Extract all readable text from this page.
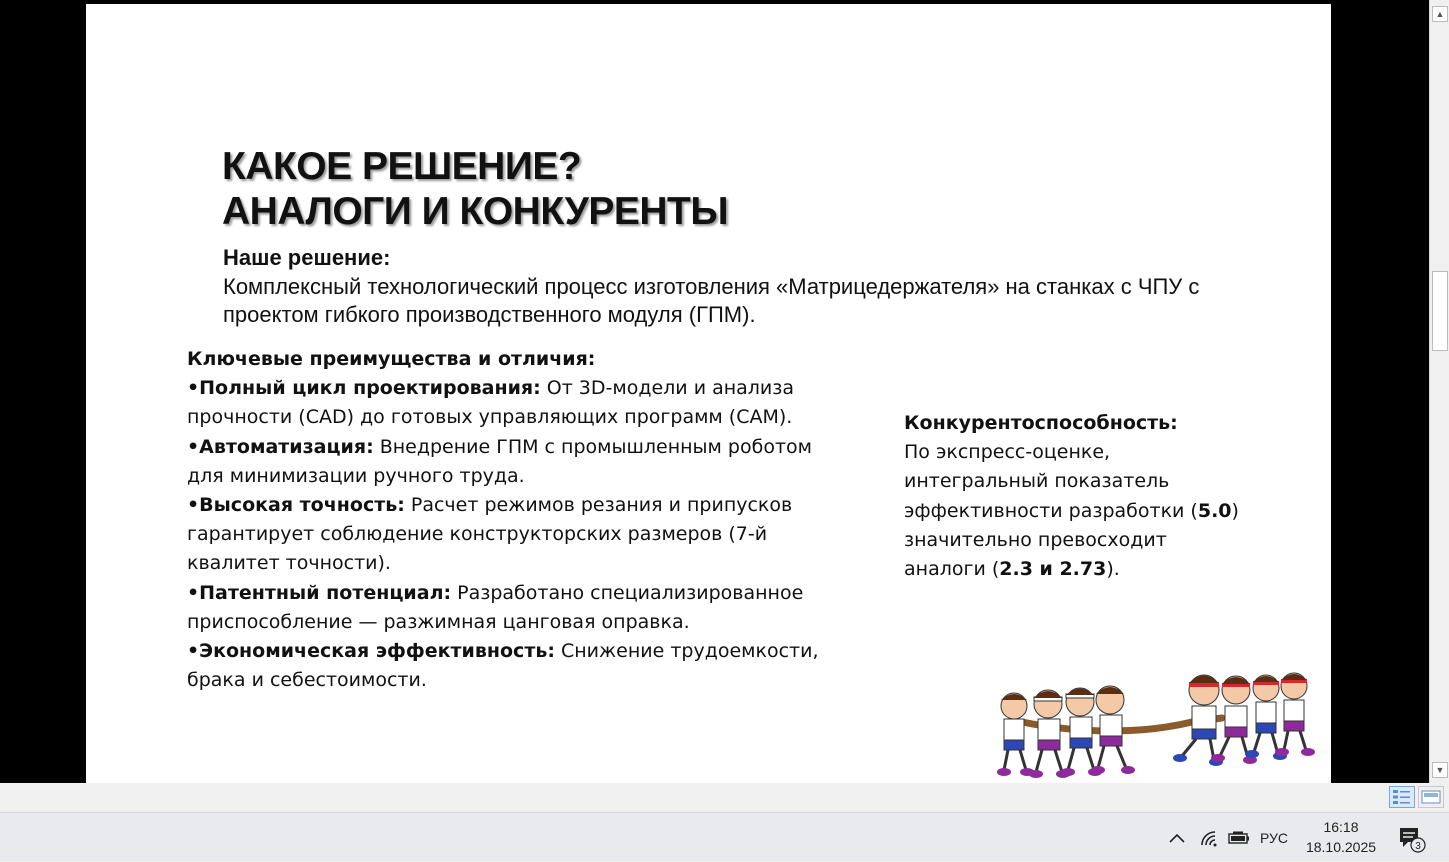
КАКОЕ РЕШЕНИЕ?
АНАЛОГИ И КОНКУРЕНТЫ
Наше решение:
Комплексный технологический процесс изготовления «Матрицедержателя» на станках с ЧПУ с проектом гибкого производственного модуля (ГПМ).
Ключевые преимущества и отличия:
•Полный цикл проектирования: От 3D-модели и анализа прочности (CAD) до готовых управляющих программ (CAM).
•Автоматизация: Внедрение ГПМ с промышленным роботом для минимизации ручного труда.
•Высокая точность: Расчет режимов резания и припусков гарантирует соблюдение конструкторских размеров (7-й квалитет точности).
•Патентный потенциал: Разработано специализированное приспособление — разжимная цанговая оправка.
•Экономическая эффективность: Снижение трудоемкости, брака и себестоимости.
Конкурентоспособность:
По экспресс-оценке, интегральный показатель эффективности разработки (5.0) значительно превосходит аналоги (2.3 и 2.73).
▲
▼
РУС
16:18
18.10.2025	3
